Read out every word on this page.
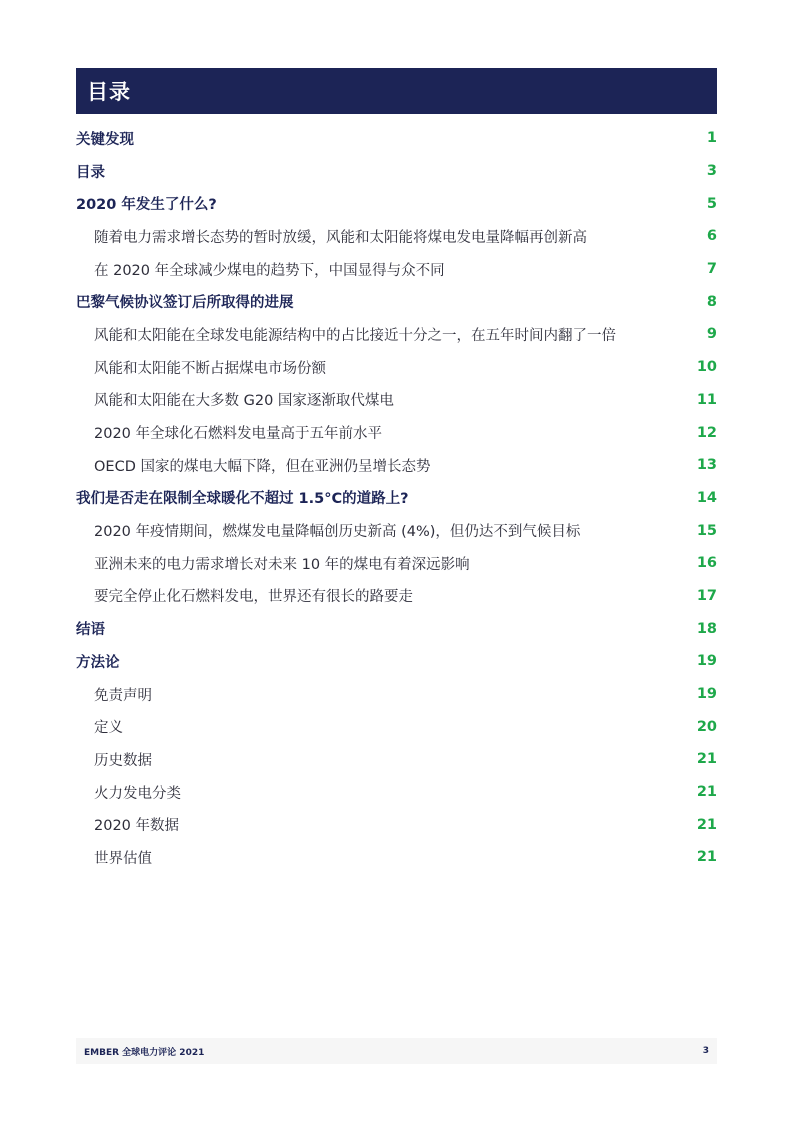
目录
关键发现	1
目录	3
2020 年发生了什么?	5
随着电力需求增长态势的暂时放缓，风能和太阳能将煤电发电量降幅再创新高	6
在 2020 年全球减少煤电的趋势下，中国显得与众不同	7
巴黎气候协议签订后所取得的进展	8
风能和太阳能在全球发电能源结构中的占比接近十分之一，在五年时间内翻了一倍	9
风能和太阳能不断占据煤电市场份额	10
风能和太阳能在大多数 G20 国家逐渐取代煤电	11
2020 年全球化石燃料发电量高于五年前水平	12
OECD 国家的煤电大幅下降，但在亚洲仍呈增长态势	13
我们是否走在限制全球暖化不超过 1.5°C的道路上?	14
2020 年疫情期间，燃煤发电量降幅创历史新高 (4%)，但仍达不到气候目标	15
亚洲未来的电力需求增长对未来 10 年的煤电有着深远影响	16
要完全停止化石燃料发电，世界还有很长的路要走	17
结语	18
方法论	19
免责声明	19
定义	20
历史数据	21
火力发电分类	21
2020 年数据	21
世界估值	21
EMBER 全球电力评论 2021	3
